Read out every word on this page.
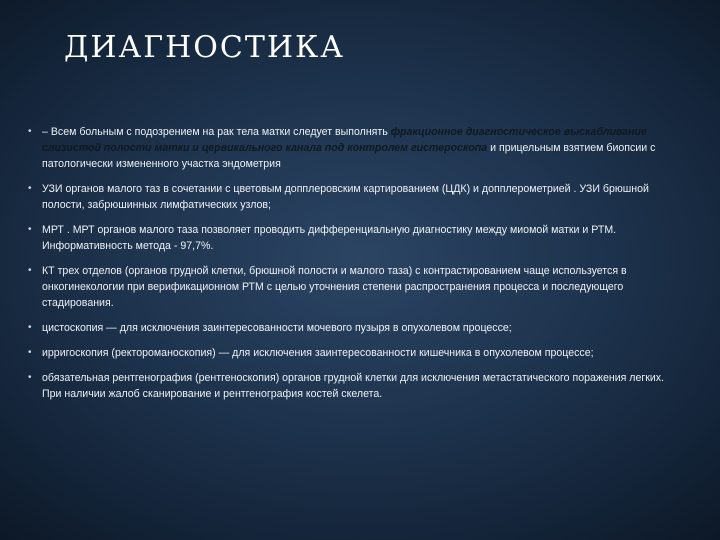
ДИАГНОСТИКА
• – Всем больным с подозрением на рак тела матки следует выполнять фракционное диагностическое выскабливание слизистой полости матки и цервикального канала под контролем гистероскопа и прицельным взятием биопсии с патологически измененного участка эндометрия
• УЗИ органов малого таз в сочетании с цветовым допплеровским картированием (ЦДК) и допплерометрией . УЗИ брюшной полости, забрюшинных лимфатических узлов;
• МРТ . МРТ органов малого таза позволяет проводить дифференциальную диагностику между миомой матки и РТМ. Информативность метода - 97,7%.
• КТ трех отделов (органов грудной клетки, брюшной полости и малого таза) с контрастированием чаще используется в онкогинекологии при верификационном РТМ с целью уточнения степени распространения процесса и последующего стадирования.
• цистоскопия — для исключения заинтересованности мочевого пузыря в опухолевом процессе;
• ирригоскопия (ректороманоскопия) — для исключения заинтересованности кишечника в опухолевом процессе;
• обязательная рентгенография (рентгеноскопия) органов грудной клетки для исключения метастатического поражения легких. При наличии жалоб сканирование и рентгенография костей скелета.
